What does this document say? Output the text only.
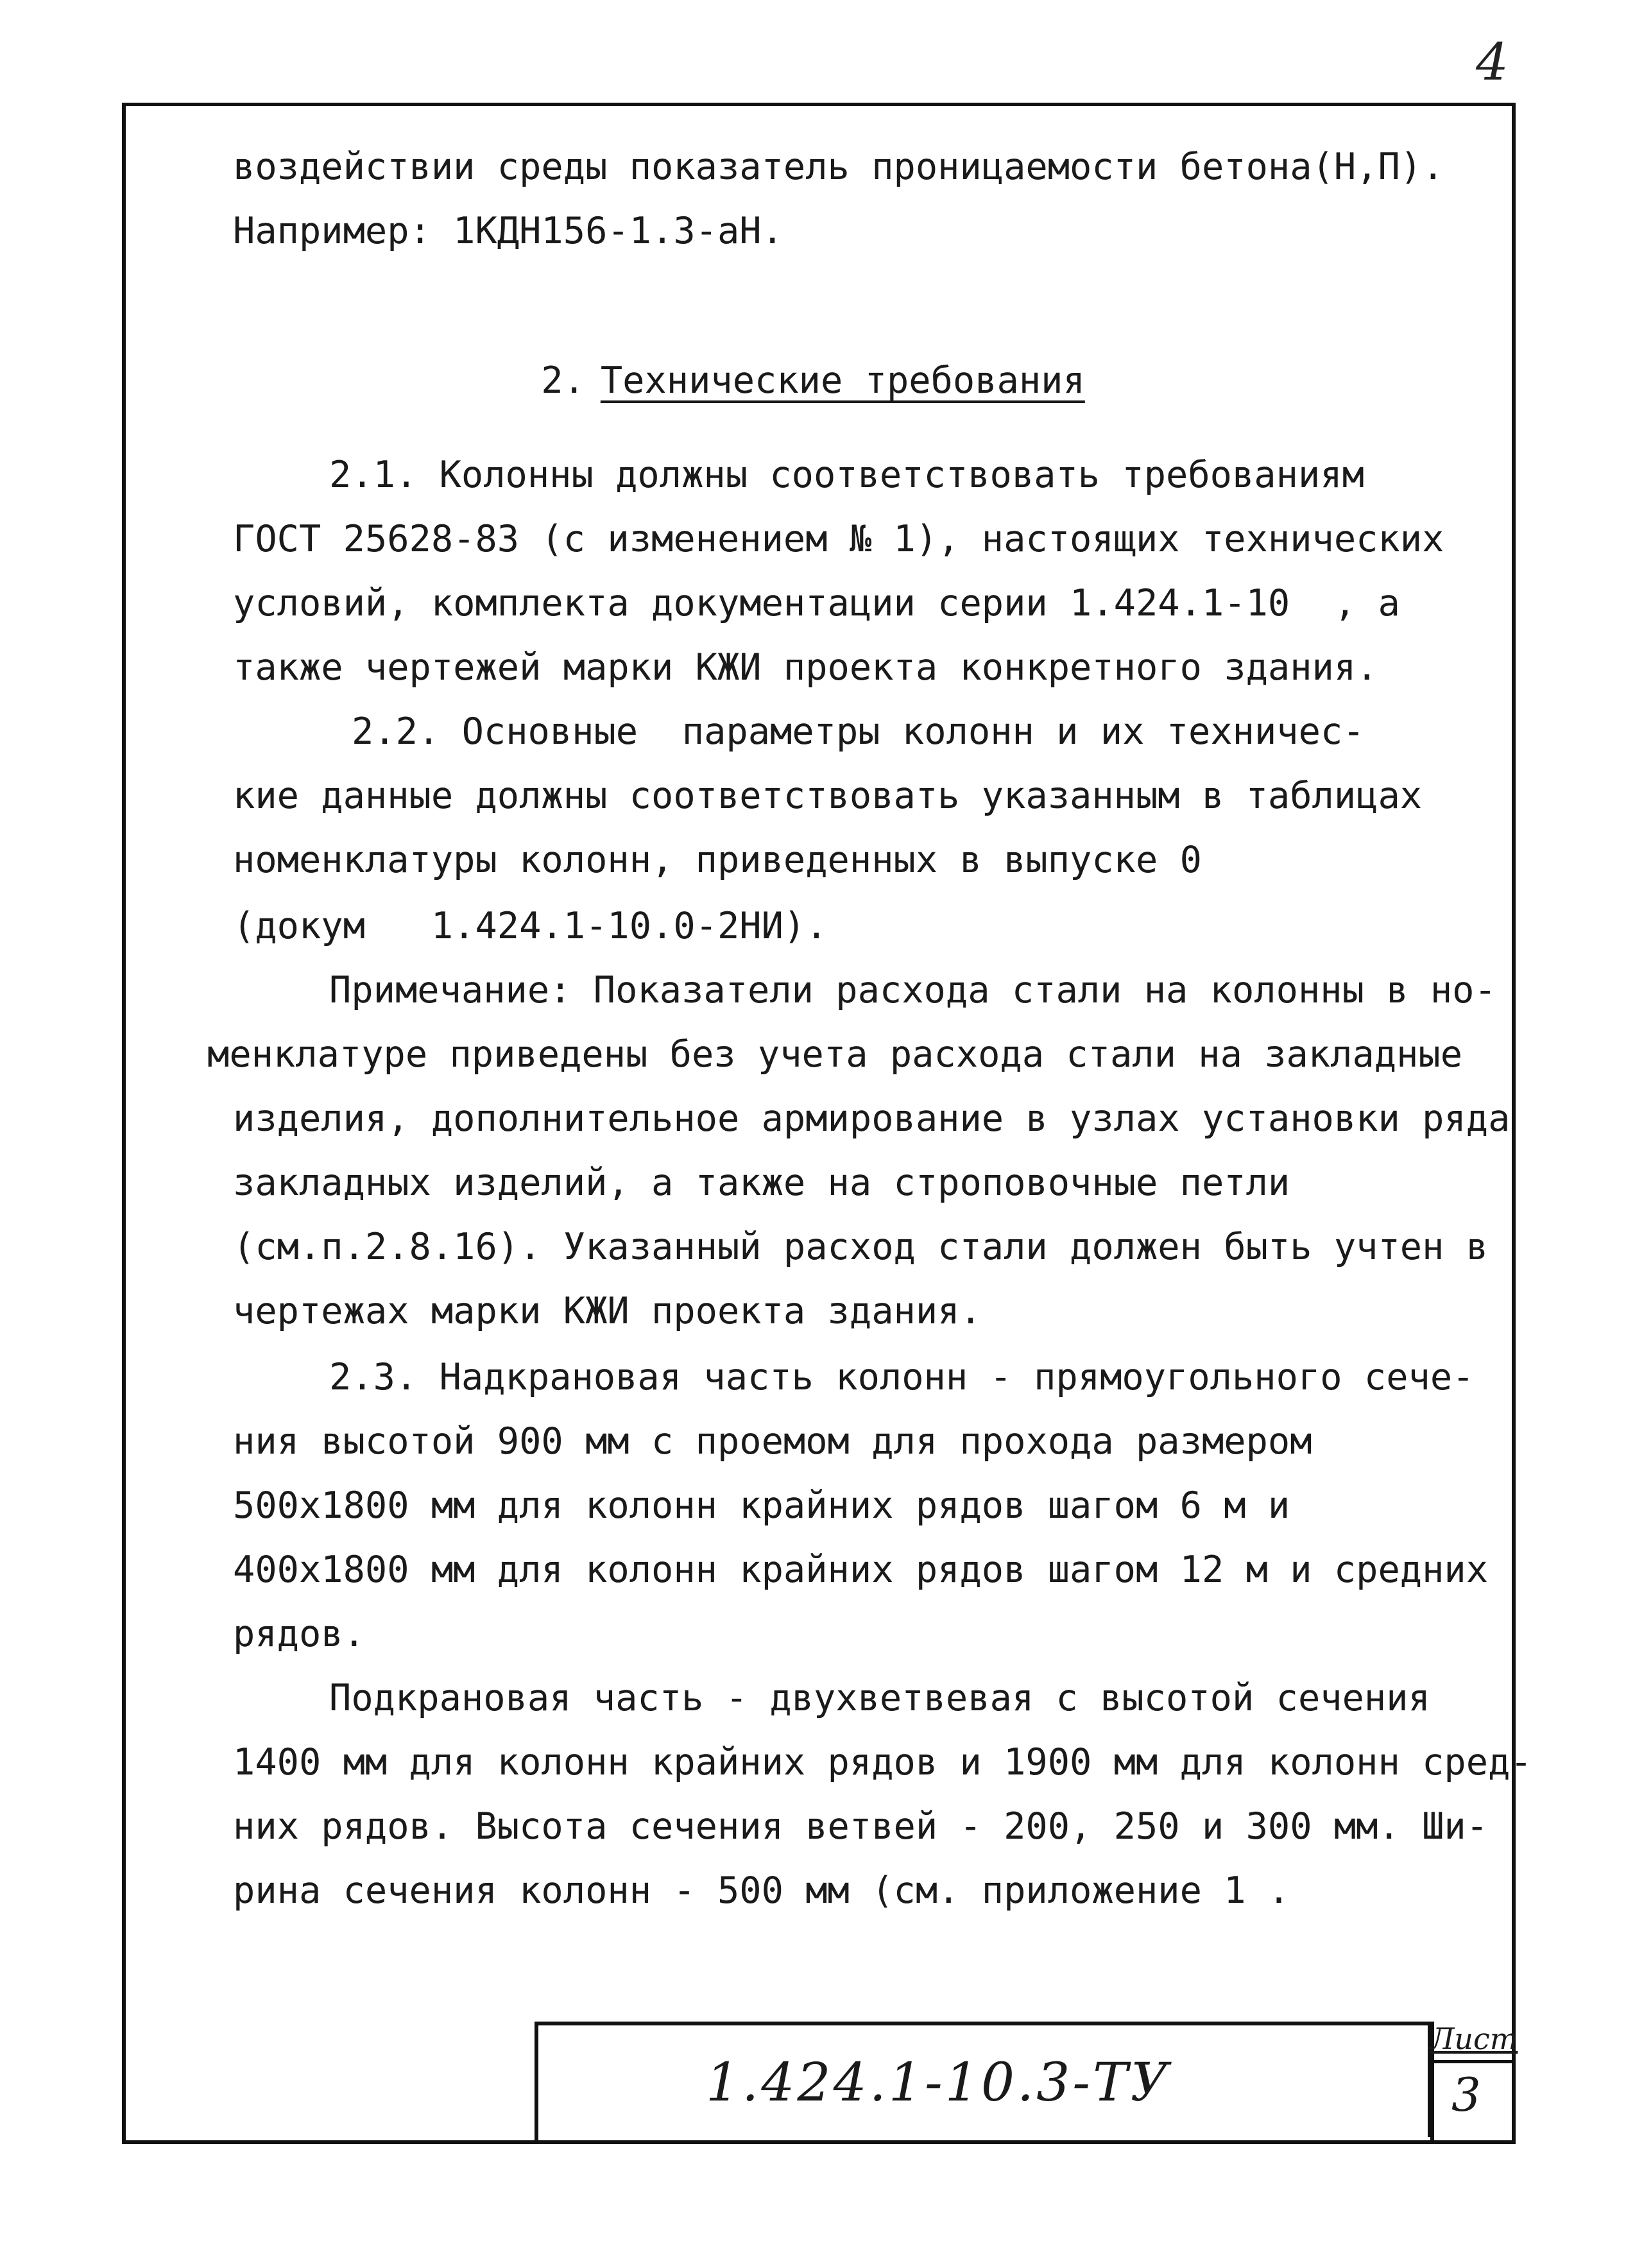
4
воздействии среды показатель проницаемости бетона(Н,П).
Например: 1КДН156-1.3-аН.
2. Технические требования
2.1. Колонны должны соответствовать требованиям
ГОСТ 25628-83 (с изменением № 1), настоящих технических
условий, комплекта документации серии 1.424.1-10  , а
также чертежей марки КЖИ проекта конкретного здания.
2.2. Основные  параметры колонн и их техничес-
кие данные должны соответствовать указанным в таблицах
номенклатуры колонн, приведенных в выпуске 0
(докум   1.424.1-10.0-2НИ).
Примечание: Показатели расхода стали на колонны в но-
менклатуре приведены без учета расхода стали на закладные
изделия, дополнительное армирование в узлах установки ряда
закладных изделий, а также на строповочные петли
(см.п.2.8.16). Указанный расход стали должен быть учтен в
чертежах марки КЖИ проекта здания.
2.3. Надкрановая часть колонн - прямоугольного сече-
ния высотой 900 мм с проемом для прохода размером
500х1800 мм для колонн крайних рядов шагом 6 м и
400х1800 мм для колонн крайних рядов шагом 12 м и средних
рядов.
Подкрановая часть - двухветвевая с высотой сечения
1400 мм для колонн крайних рядов и 1900 мм для колонн сред-
них рядов. Высота сечения ветвей - 200, 250 и 300 мм. Ши-
рина сечения колонн - 500 мм (см. приложение 1 .
1.424.1-10.3-ТУ
Лист
3
